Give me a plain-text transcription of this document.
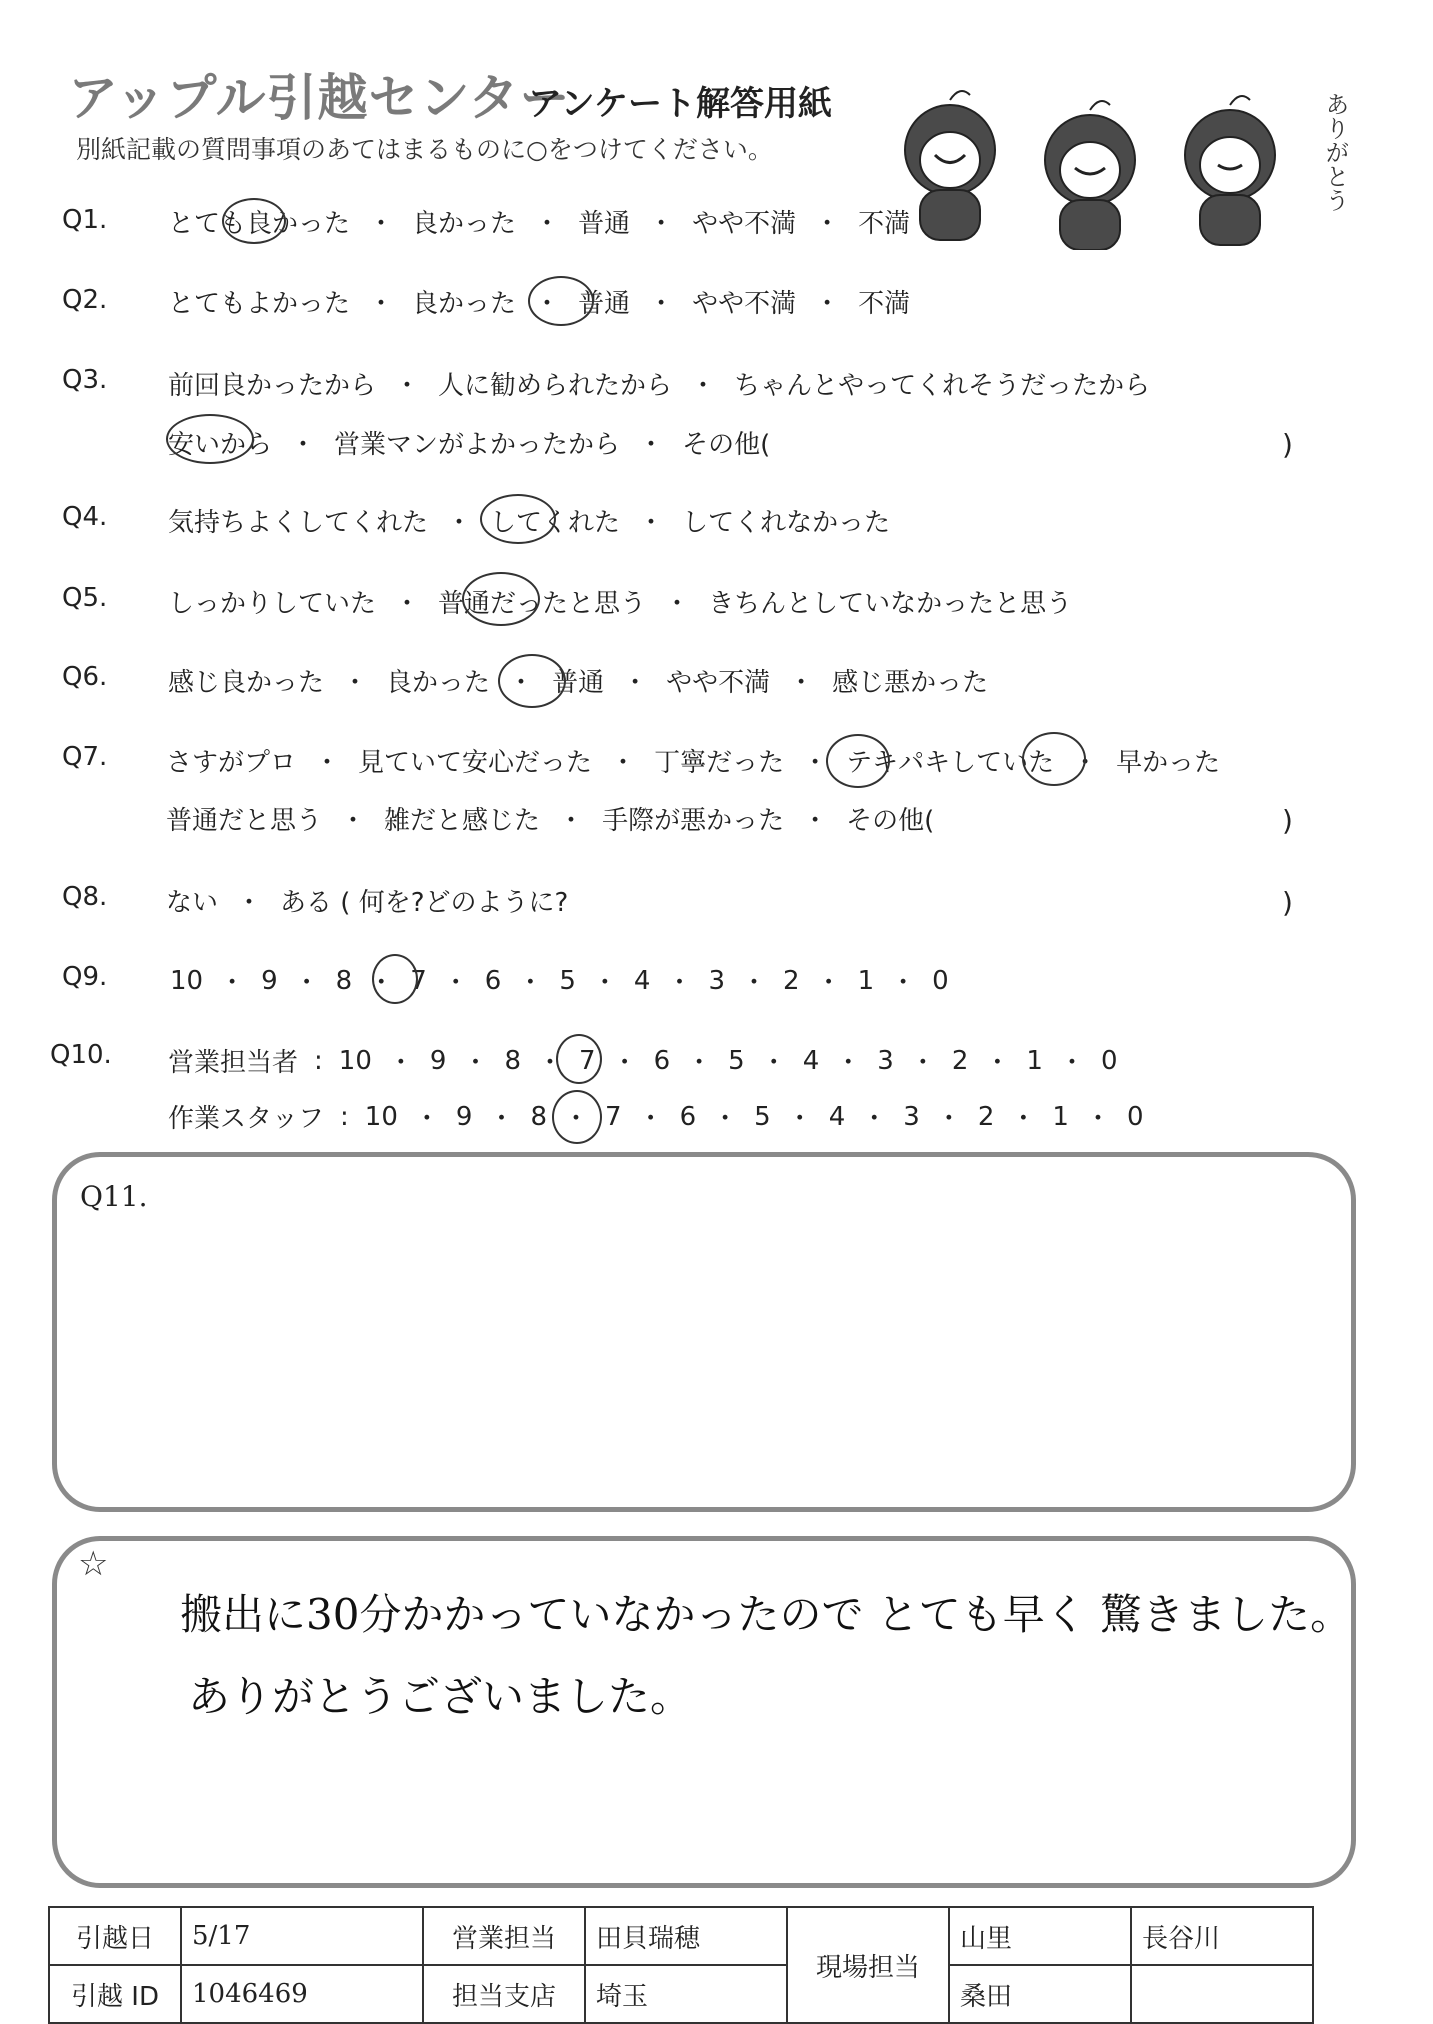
アップル引越センター
アンケート解答用紙
別紙記載の質問事項のあてはまるものに○をつけてください。	ありがとう
Q1. とても良かった ・ 良かった ・ 普通 ・ やや不満 ・ 不満
Q2. とてもよかった ・ 良かった ・ 普通 ・ やや不満 ・ 不満
Q3. 前回良かったから ・ 人に勧められたから ・ ちゃんとやってくれそうだったから
安いから ・ 営業マンがよかったから ・ その他(	)
Q4. 気持ちよくしてくれた ・ してくれた ・ してくれなかった
Q5. しっかりしていた ・ 普通だったと思う ・ きちんとしていなかったと思う
Q6. 感じ良かった ・ 良かった ・ 普通 ・ やや不満 ・ 感じ悪かった
Q7. さすがプロ ・ 見ていて安心だった ・ 丁寧だった ・ テキパキしていた ・ 早かった
普通だと思う ・ 雑だと感じた ・ 手際が悪かった ・ その他(	)
Q8. ない ・ ある ( 何を?どのように?	)
Q9. 10 ・ 9 ・ 8 ・ 7 ・ 6 ・ 5 ・ 4 ・ 3 ・ 2 ・ 1 ・ 0
Q10. 営業担当者 : 10 ・ 9 ・ 8 ・ 7 ・ 6 ・ 5 ・ 4 ・ 3 ・ 2 ・ 1 ・ 0
作業スタッフ : 10 ・ 9 ・ 8 ・ 7 ・ 6 ・ 5 ・ 4 ・ 3 ・ 2 ・ 1 ・ 0
Q11.
☆
搬出に30分かかっていなかったので とても早く 驚きました。
ありがとうございました。
引越日	5/17	営業担当	田貝瑞穂	現場担当	山里	長谷川
引越 ID	1046469	担当支店	埼玉		桑田	
